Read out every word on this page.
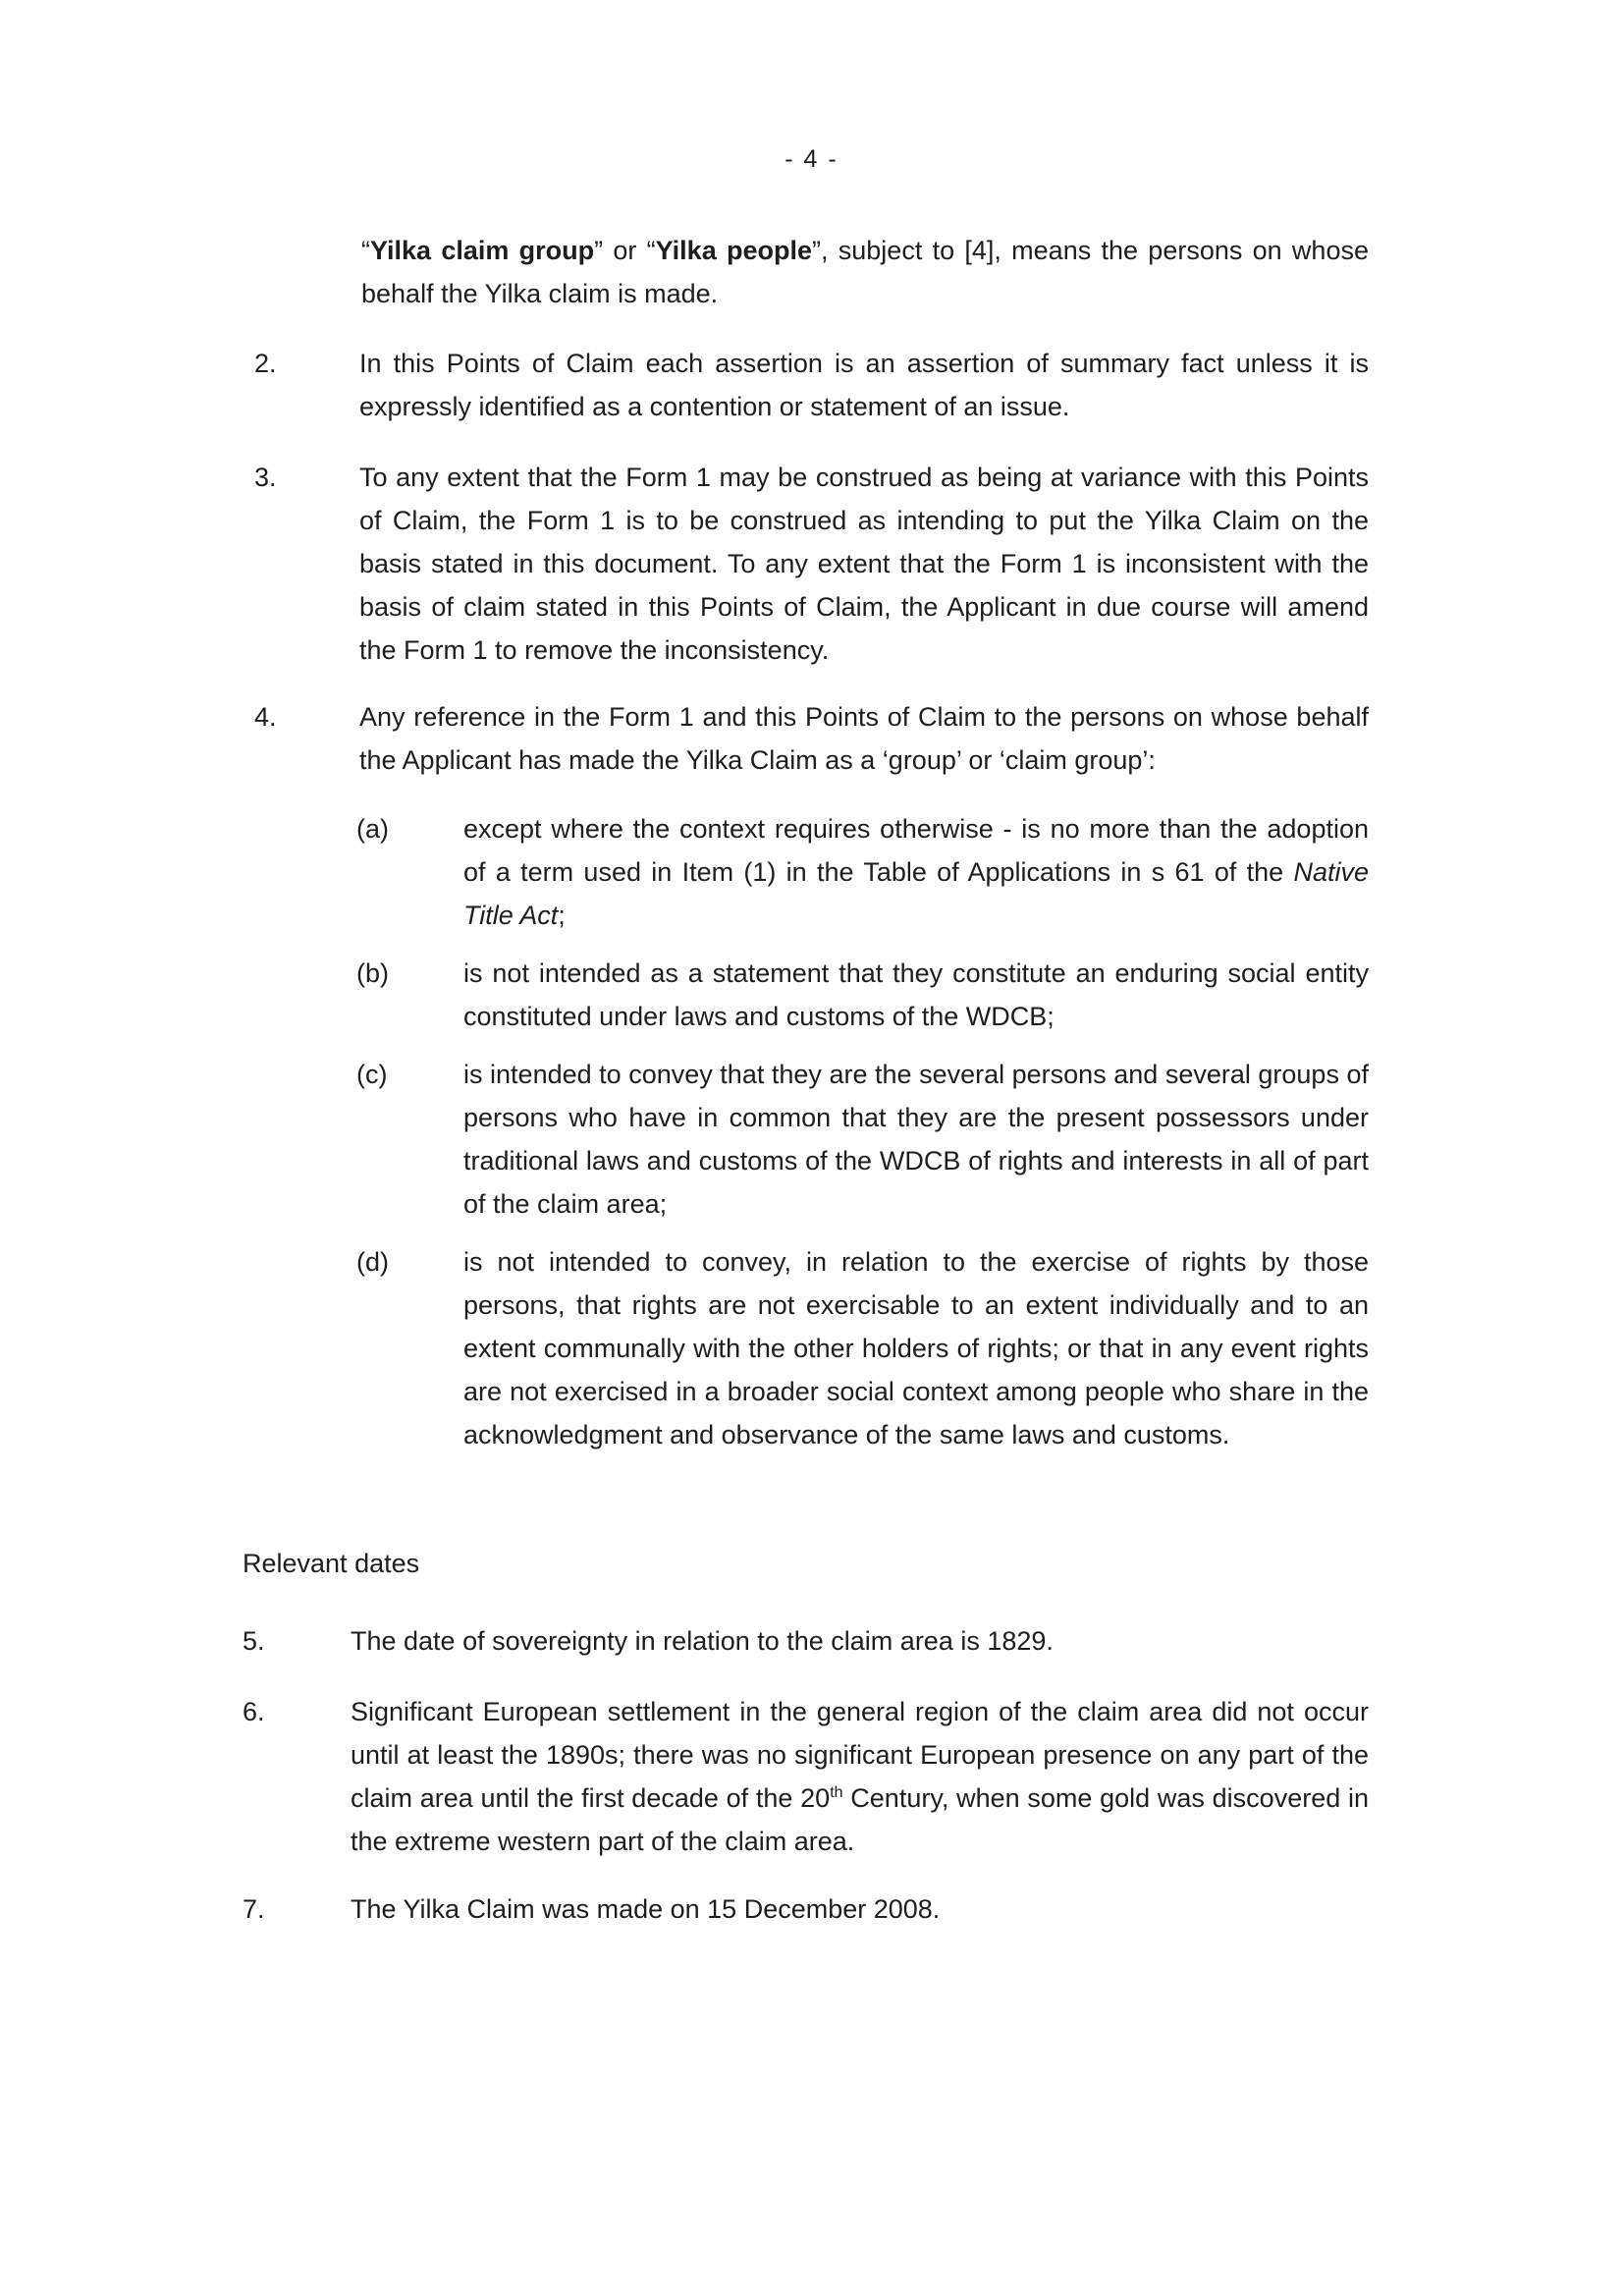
- 4 -
“Yilka claim group” or “Yilka people”, subject to [4], means the persons on whose behalf the Yilka claim is made.
2.	In this Points of Claim each assertion is an assertion of summary fact unless it is expressly identified as a contention or statement of an issue.
3.	To any extent that the Form 1 may be construed as being at variance with this Points of Claim, the Form 1 is to be construed as intending to put the Yilka Claim on the basis stated in this document. To any extent that the Form 1 is inconsistent with the basis of claim stated in this Points of Claim, the Applicant in due course will amend the Form 1 to remove the inconsistency.
4.	Any reference in the Form 1 and this Points of Claim to the persons on whose behalf the Applicant has made the Yilka Claim as a ‘group’ or ‘claim group’:
(a)	except where the context requires otherwise - is no more than the adoption of a term used in Item (1) in the Table of Applications in s 61 of the Native Title Act;
(b)	is not intended as a statement that they constitute an enduring social entity constituted under laws and customs of the WDCB;
(c)	is intended to convey that they are the several persons and several groups of persons who have in common that they are the present possessors under traditional laws and customs of the WDCB of rights and interests in all of part of the claim area;
(d)	is not intended to convey, in relation to the exercise of rights by those persons, that rights are not exercisable to an extent individually and to an extent communally with the other holders of rights; or that in any event rights are not exercised in a broader social context among people who share in the acknowledgment and observance of the same laws and customs.
Relevant dates
5.	The date of sovereignty in relation to the claim area is 1829.
6.	Significant European settlement in the general region of the claim area did not occur until at least the 1890s; there was no significant European presence on any part of the claim area until the first decade of the 20th Century, when some gold was discovered in the extreme western part of the claim area.
7.	The Yilka Claim was made on 15 December 2008.
